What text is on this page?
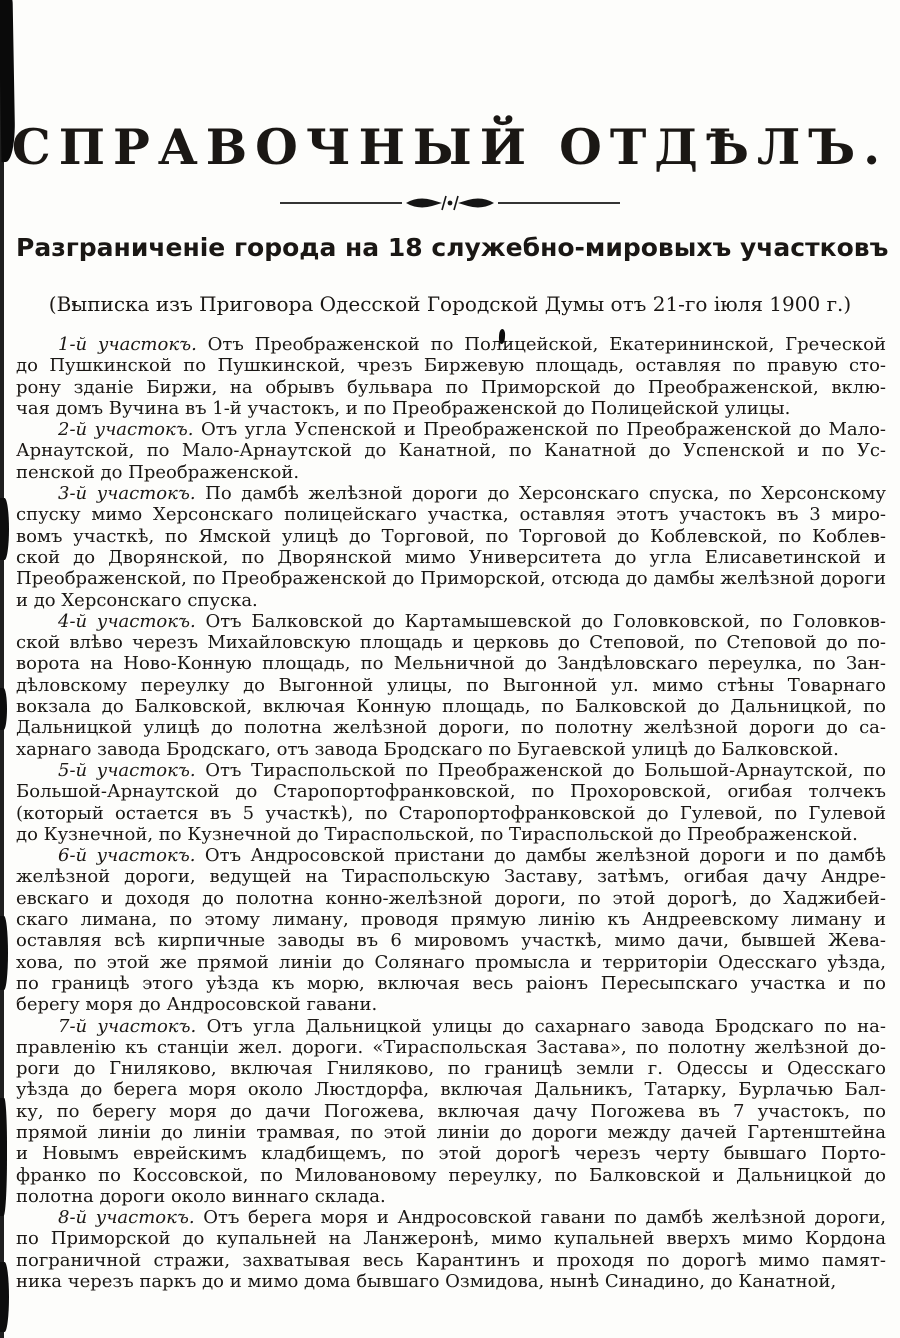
СПРАВОЧНЫЙ ОТДѢЛЪ.
Разграниченіе города на 18 служебно-мировыхъ участковъ
(Выписка изъ Приговора Одесской Городской Думы отъ 21-го іюля 1900 г.)
1-й участокъ. Отъ Преображенской по Полицейской, Екатерининской, Греческой
до Пушкинской по Пушкинской, чрезъ Биржевую площадь, оставляя по правую сто-
рону зданіе Биржи, на обрывъ бульвара по Приморской до Преображенской, вклю-
чая домъ Вучина въ 1-й участокъ, и по Преображенской до Полицейской улицы.
2-й участокъ. Отъ угла Успенской и Преображенской по Преображенской до Мало-
Арнаутской, по Мало-Арнаутской до Канатной, по Канатной до Успенской и по Ус-
пенской до Преображенской.
3-й участокъ. По дамбѣ желѣзной дороги до Херсонскаго спуска, по Херсонскому
спуску мимо Херсонскаго полицейскаго участка, оставляя этотъ участокъ въ 3 миро-
вомъ участкѣ, по Ямской улицѣ до Торговой, по Торговой до Коблевской, по Коблев-
ской до Дворянской, по Дворянской мимо Университета до угла Елисаветинской и
Преображенской, по Преображенской до Приморской, отсюда до дамбы желѣзной дороги
и до Херсонскаго спуска.
4-й участокъ. Отъ Балковской до Картамышевской до Головковской, по Головков-
ской влѣво черезъ Михайловскую площадь и церковь до Степовой, по Степовой до по-
ворота на Ново-Конную площадь, по Мельничной до Зандѣловскаго переулка, по Зан-
дѣловскому переулку до Выгонной улицы, по Выгонной ул. мимо стѣны Товарнаго
вокзала до Балковской, включая Конную площадь, по Балковской до Дальницкой, по
Дальницкой улицѣ до полотна желѣзной дороги, по полотну желѣзной дороги до са-
харнаго завода Бродскаго, отъ завода Бродскаго по Бугаевской улицѣ до Балковской.
5-й участокъ. Отъ Тираспольской по Преображенской до Большой-Арнаутской, по
Большой-Арнаутской до Старопортофранковской, по Прохоровской, огибая толчекъ
(который остается въ 5 участкѣ), по Старопортофранковской до Гулевой, по Гулевой
до Кузнечной, по Кузнечной до Тираспольской, по Тираспольской до Преображенской.
6-й участокъ. Отъ Андросовской пристани до дамбы желѣзной дороги и по дамбѣ
желѣзной дороги, ведущей на Тираспольскую Заставу, затѣмъ, огибая дачу Андре-
евскаго и доходя до полотна конно-желѣзной дороги, по этой дорогѣ, до Хаджибей-
скаго лимана, по этому лиману, проводя прямую линію къ Андреевскому лиману и
оставляя всѣ кирпичные заводы въ 6 мировомъ участкѣ, мимо дачи, бывшей Жева-
хова, по этой же прямой линіи до Солянаго промысла и территоріи Одесскаго уѣзда,
по границѣ этого уѣзда къ морю, включая весь раіонъ Пересыпскаго участка и по
берегу моря до Андросовской гавани.
7-й участокъ. Отъ угла Дальницкой улицы до сахарнаго завода Бродскаго по на-
правленію къ станціи жел. дороги. «Тираспольская Застава», по полотну желѣзной до-
роги до Гниляково, включая Гниляково, по границѣ земли г. Одессы и Одесскаго
уѣзда до берега моря около Люстдорфа, включая Дальникъ, Татарку, Бурлачью Бал-
ку, по берегу моря до дачи Погожева, включая дачу Погожева въ 7 участокъ, по
прямой линіи до линіи трамвая, по этой линіи до дороги между дачей Гартенштейна
и Новымъ еврейскимъ кладбищемъ, по этой дорогѣ черезъ черту бывшаго Порто-
франко по Коссовской, по Миловановому переулку, по Балковской и Дальницкой до
полотна дороги около виннаго склада.
8-й участокъ. Отъ берега моря и Андросовской гавани по дамбѣ желѣзной дороги,
по Приморской до купальней на Ланжеронѣ, мимо купальней вверхъ мимо Кордона
пограничной стражи, захватывая весь Карантинъ и проходя по дорогѣ мимо памят-
ника черезъ паркъ до и мимо дома бывшаго Озмидова, нынѣ Синадино, до Канатной,
